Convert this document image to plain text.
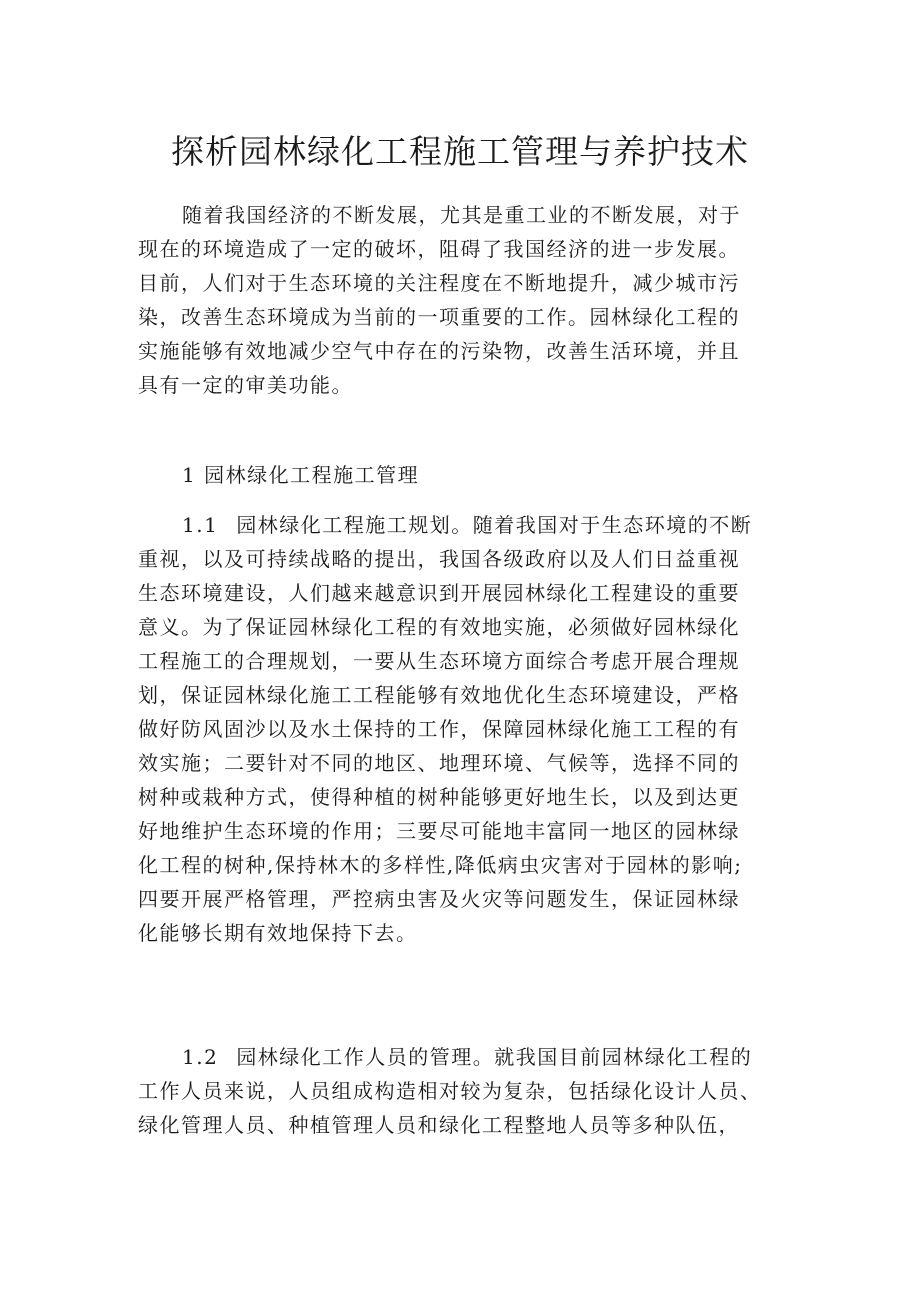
探析园林绿化工程施工管理与养护技术
随着我国经济的不断发展，尤其是重工业的不断发展，对于
现在的环境造成了一定的破坏，阻碍了我国经济的进一步发展。
目前，人们对于生态环境的关注程度在不断地提升，减少城市污
染，改善生态环境成为当前的一项重要的工作。园林绿化工程的
实施能够有效地减少空气中存在的污染物，改善生活环境，并且
具有一定的审美功能。
1 园林绿化工程施工管理
1.1 园林绿化工程施工规划。随着我国对于生态环境的不断
重视，以及可持续战略的提出，我国各级政府以及人们日益重视
生态环境建设，人们越来越意识到开展园林绿化工程建设的重要
意义。为了保证园林绿化工程的有效地实施，必须做好园林绿化
工程施工的合理规划，一要从生态环境方面综合考虑开展合理规
划，保证园林绿化施工工程能够有效地优化生态环境建设，严格
做好防风固沙以及水土保持的工作，保障园林绿化施工工程的有
效实施；二要针对不同的地区、地理环境、气候等，选择不同的
树种或栽种方式，使得种植的树种能够更好地生长，以及到达更
好地维护生态环境的作用；三要尽可能地丰富同一地区的园林绿
化工程的树种,保持林木的多样性,降低病虫灾害对于园林的影响;
四要开展严格管理，严控病虫害及火灾等问题发生，保证园林绿
化能够长期有效地保持下去。
1.2 园林绿化工作人员的管理。就我国目前园林绿化工程的
工作人员来说，人员组成构造相对较为复杂，包括绿化设计人员、
绿化管理人员、种植管理人员和绿化工程整地人员等多种队伍，
